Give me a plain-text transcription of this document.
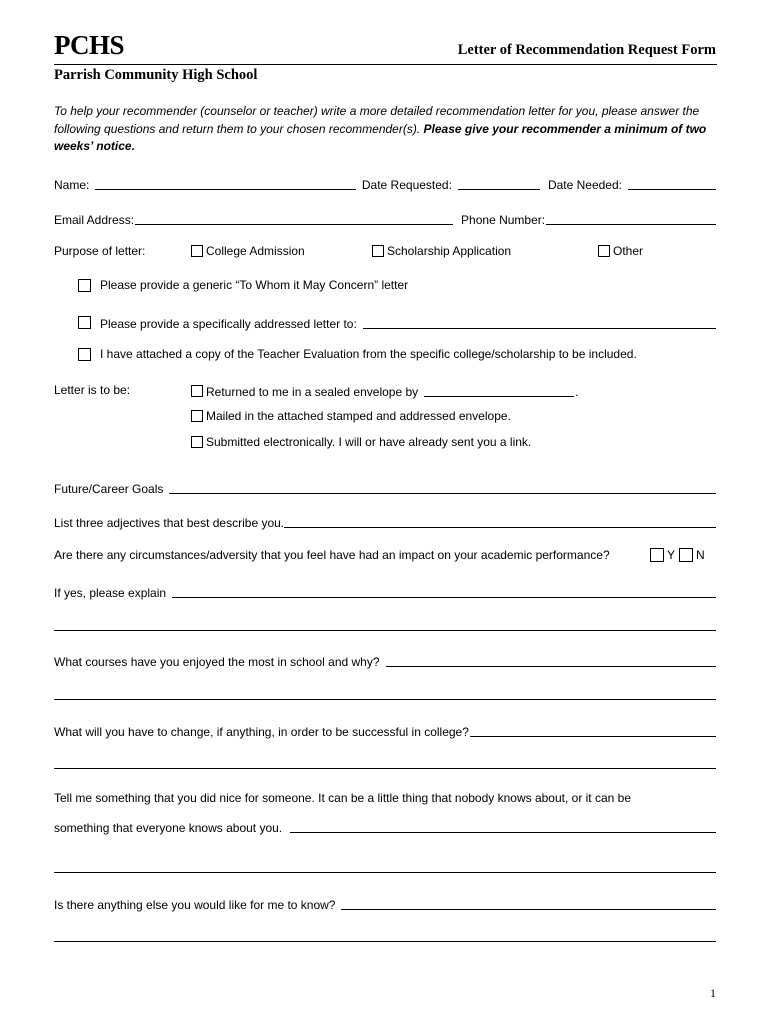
PCHS	Letter of Recommendation Request Form
Parrish Community High School
To help your recommender (counselor or teacher) write a more detailed recommendation letter for you, please answer the following questions and return them to your chosen recommender(s). Please give your recommender a minimum of two weeks’ notice.
Name:	Date Requested:	Date Needed:
Email Address:	Phone Number:
Purpose of letter:	College Admission	Scholarship Application	Other
Please provide a generic “To Whom it May Concern” letter
Please provide a specifically addressed letter to:
I have attached a copy of the Teacher Evaluation from the specific college/scholarship to be included.
Letter is to be:	Returned to me in a sealed envelope by	.
Mailed in the attached stamped and addressed envelope.
Submitted electronically. I will or have already sent you a link.
Future/Career Goals
List three adjectives that best describe you.
Are there any circumstances/adversity that you feel have had an impact on your academic performance?	Y N
If yes, please explain
What courses have you enjoyed the most in school and why?
What will you have to change, if anything, in order to be successful in college?
Tell me something that you did nice for someone. It can be a little thing that nobody knows about, or it can be
something that everyone knows about you.
Is there anything else you would like for me to know?
1
